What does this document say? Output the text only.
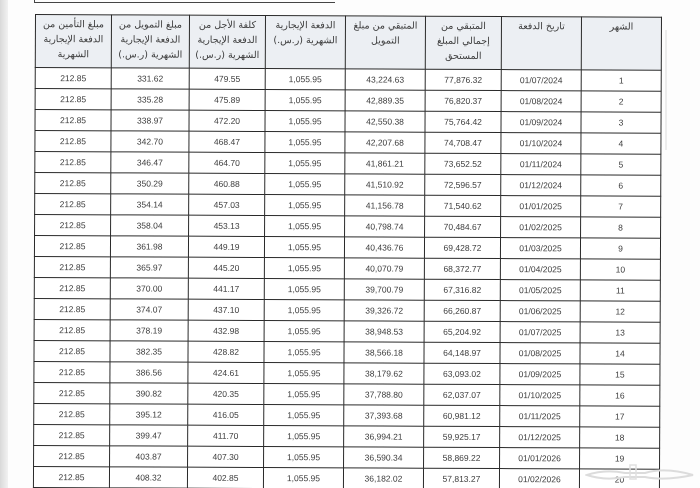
الشهر	تاريخ الدفعة	المتبقي من إجمالي المبلغ المستحق	المتبقي من مبلغ التمويل	الدفعة الإيجارية الشهرية (ر.س.)	كلفة الأجل من الدفعة الإيجارية الشهرية (ر.س.)	مبلغ التمويل من الدفعة الإيجارية الشهرية (ر.س.)	مبلغ التأمين من الدفعة الإيجارية الشهرية
1	01/07/2024	77,876.32	43,224.63	1,055.95	479.55	331.62	212.85
2	01/08/2024	76,820.37	42,889.35	1,055.95	475.89	335.28	212.85
3	01/09/2024	75,764.42	42,550.38	1,055.95	472.20	338.97	212.85
4	01/10/2024	74,708.47	42,207.68	1,055.95	468.47	342.70	212.85
5	01/11/2024	73,652.52	41,861.21	1,055.95	464.70	346.47	212.85
6	01/12/2024	72,596.57	41,510.92	1,055.95	460.88	350.29	212.85
7	01/01/2025	71,540.62	41,156.78	1,055.95	457.03	354.14	212.85
8	01/02/2025	70,484.67	40,798.74	1,055.95	453.13	358.04	212.85
9	01/03/2025	69,428.72	40,436.76	1,055.95	449.19	361.98	212.85
10	01/04/2025	68,372.77	40,070.79	1,055.95	445.20	365.97	212.85
11	01/05/2025	67,316.82	39,700.79	1,055.95	441.17	370.00	212.85
12	01/06/2025	66,260.87	39,326.72	1,055.95	437.10	374.07	212.85
13	01/07/2025	65,204.92	38,948.53	1,055.95	432.98	378.19	212.85
14	01/08/2025	64,148.97	38,566.18	1,055.95	428.82	382.35	212.85
15	01/09/2025	63,093.02	38,179.62	1,055.95	424.61	386.56	212.85
16	01/10/2025	62,037.07	37,788.80	1,055.95	420.35	390.82	212.85
17	01/11/2025	60,981.12	37,393.68	1,055.95	416.05	395.12	212.85
18	01/12/2025	59,925.17	36,994.21	1,055.95	411.70	399.47	212.85
19	01/01/2026	58,869.22	36,590.34	1,055.95	407.30	403.87	212.85
20	01/02/2026	57,813.27	36,182.02	1,055.95	402.85	408.32	212.85
